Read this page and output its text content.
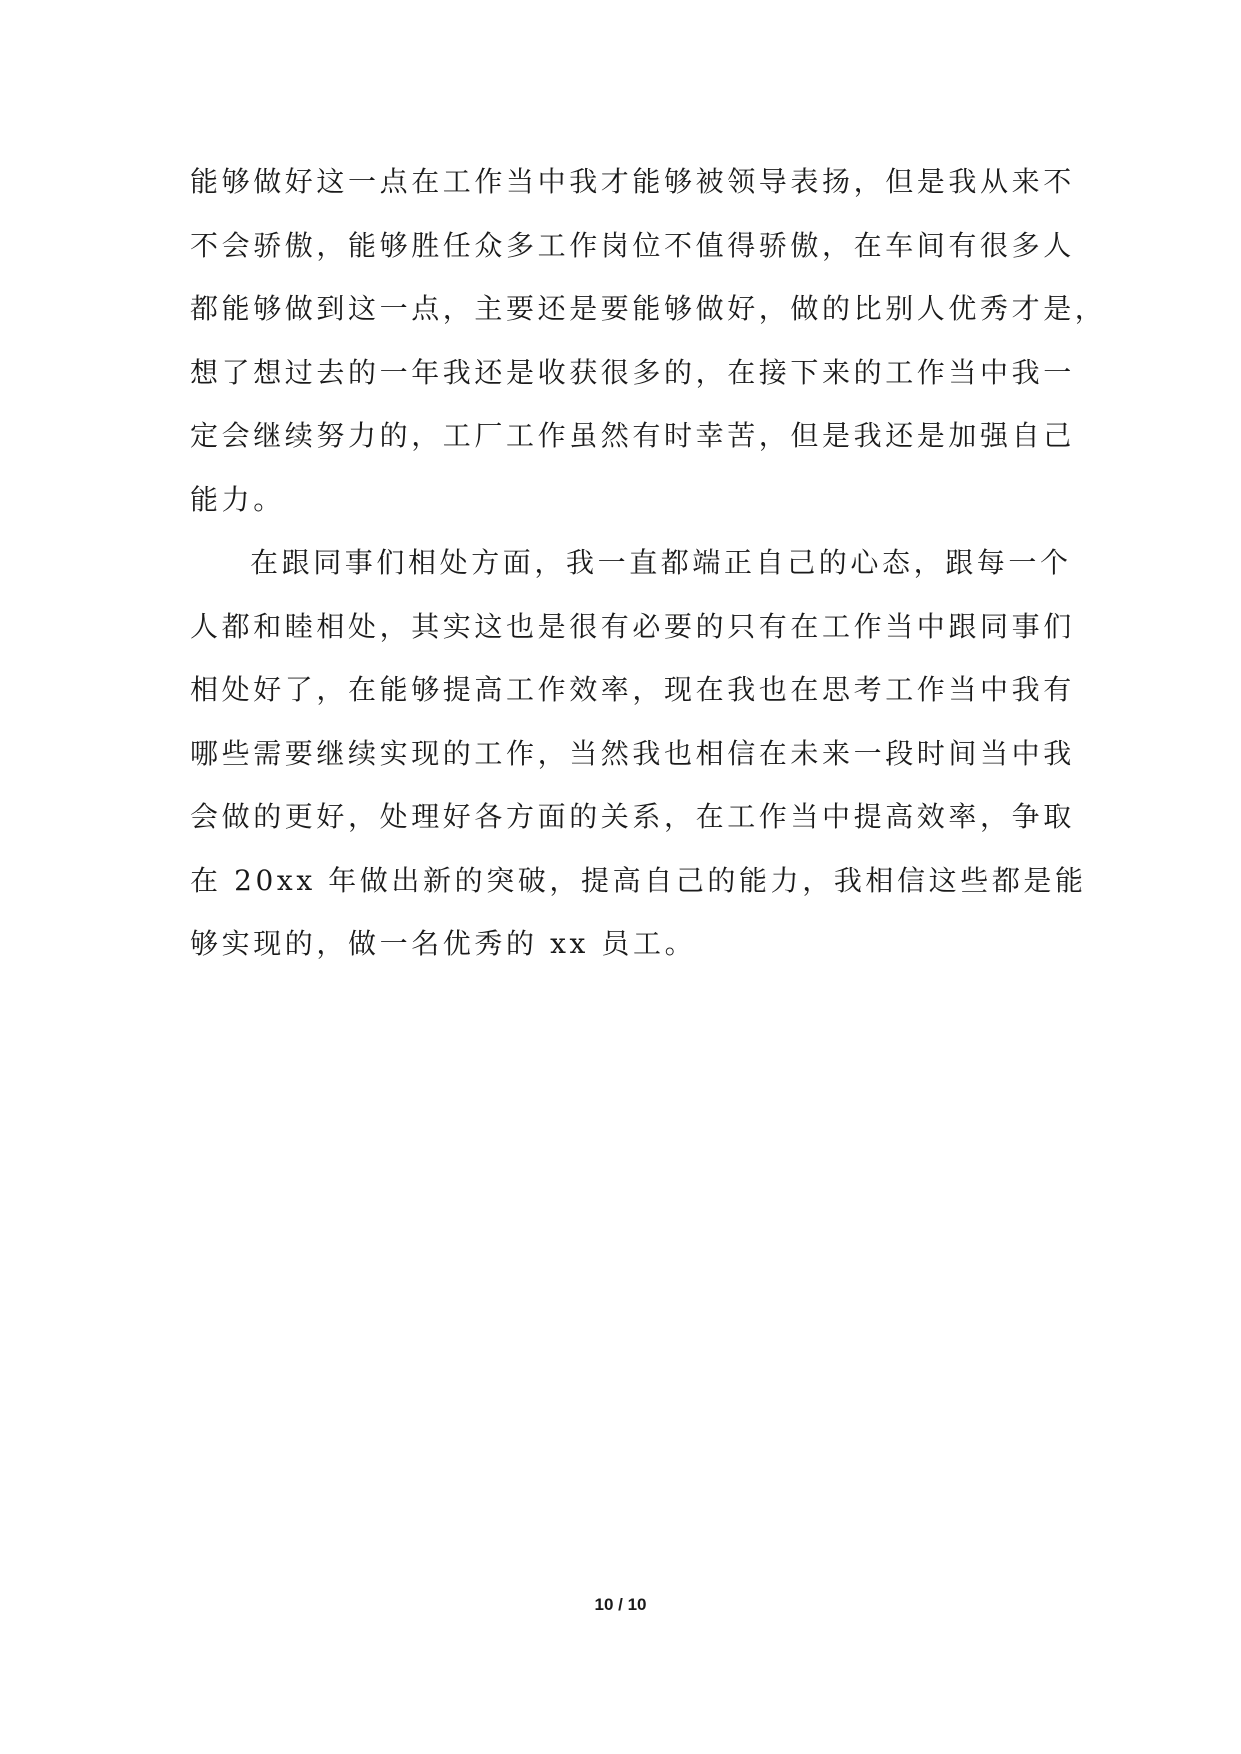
能够做好这一点在工作当中我才能够被领导表扬，但是我从来不
不会骄傲，能够胜任众多工作岗位不值得骄傲，在车间有很多人
都能够做到这一点，主要还是要能够做好，做的比别人优秀才是，
想了想过去的一年我还是收获很多的，在接下来的工作当中我一
定会继续努力的，工厂工作虽然有时幸苦，但是我还是加强自己
能力。
在跟同事们相处方面，我一直都端正自己的心态，跟每一个
人都和睦相处，其实这也是很有必要的只有在工作当中跟同事们
相处好了，在能够提高工作效率，现在我也在思考工作当中我有
哪些需要继续实现的工作，当然我也相信在未来一段时间当中我
会做的更好，处理好各方面的关系，在工作当中提高效率，争取
在 20xx 年做出新的突破，提高自己的能力，我相信这些都是能
够实现的，做一名优秀的 xx 员工。
10 / 10
